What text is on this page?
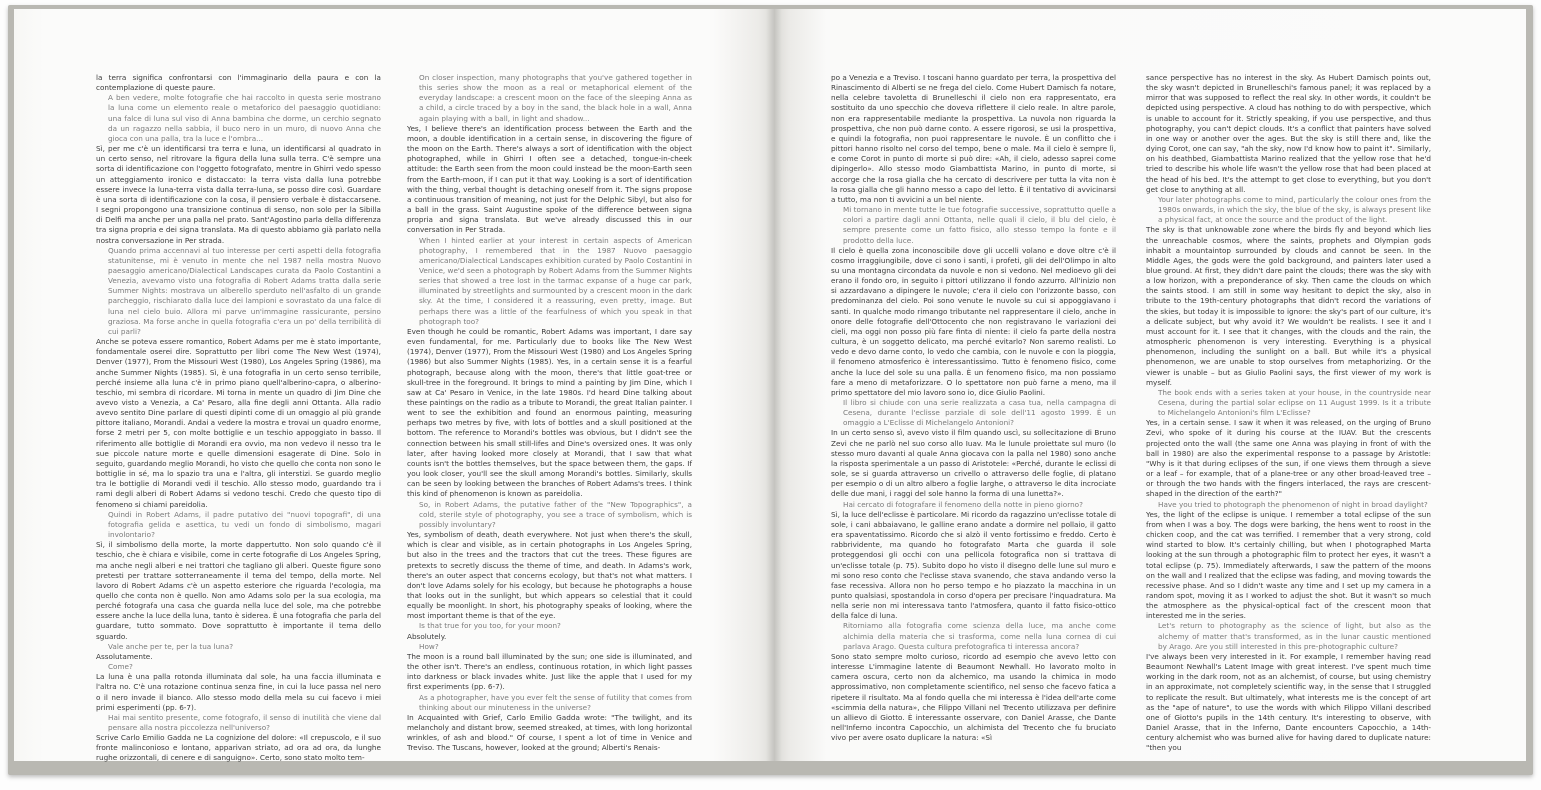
la terra significa confrontarsi con l'immaginario della paura e con la contemplazione di queste paure.

A ben vedere, molte fotografie che hai raccolto in questa serie mostrano la luna come un elemento reale o metaforico del paesaggio quotidiano: una falce di luna sul viso di Anna bambina che dorme, un cerchio segnato da un ragazzo nella sabbia, il buco nero in un muro, di nuovo Anna che gioca con una palla, tra la luce e l'ombra...

Sì, per me c'è un identificarsi tra terra e luna, un identificarsi al quadrato in un certo senso, nel ritrovare la figura della luna sulla terra. C'è sempre una sorta di identificazione con l'oggetto fotografato, mentre in Ghirri vedo spesso un atteggiamento ironico e distaccato: la terra vista dalla luna potrebbe essere invece la luna-terra vista dalla terra-luna, se posso dire così. Guardare è una sorta di identificazione con la cosa, il pensiero verbale è distaccarsene. I segni propongono una transizione continua di senso, non solo per la Sibilla di Delfi ma anche per una palla nel prato. Sant'Agostino parla della differenza tra signa propria e dei signa translata. Ma di questo abbiamo già parlato nella nostra conversazione in Per strada.

Quando prima accennavi al tuo interesse per certi aspetti della fotografia statunitense, mi è venuto in mente che nel 1987 nella mostra Nuovo paesaggio americano/Dialectical Landscapes curata da Paolo Costantini a Venezia, avevamo visto una fotografia di Robert Adams tratta dalla serie Summer Nights: mostrava un alberello sperduto nell'asfalto di un grande parcheggio, rischiarato dalla luce dei lampioni e sovrastato da una falce di luna nel cielo buio. Allora mi parve un'immagine rassicurante, persino graziosa. Ma forse anche in quella fotografia c'era un po' della terribilità di cui parli?

Anche se poteva essere romantico, Robert Adams per me è stato importante, fondamentale oserei dire. Soprattutto per libri come The New West (1974), Denver (1977), From the Missouri West (1980), Los Angeles Spring (1986), ma anche Summer Nights (1985). Sì, è una fotografia in un certo senso terribile, perché insieme alla luna c'è in primo piano quell'alberino-capra, o alberino-teschio, mi sembra di ricordare. Mi torna in mente un quadro di Jim Dine che avevo visto a Venezia, a Ca' Pesaro, alla fine degli anni Ottanta. Alla radio avevo sentito Dine parlare di questi dipinti come di un omaggio al più grande pittore italiano, Morandi. Andai a vedere la mostra e trovai un quadro enorme, forse 2 metri per 5, con molte bottiglie e un teschio appoggiato in basso. Il riferimento alle bottiglie di Morandi era ovvio, ma non vedevo il nesso tra le sue piccole nature morte e quelle dimensioni esagerate di Dine. Solo in seguito, guardando meglio Morandi, ho visto che quello che conta non sono le bottiglie in sé, ma lo spazio tra una e l'altra, gli interstizi. Se guardo meglio tra le bottiglie di Morandi vedi il teschio. Allo stesso modo, guardando tra i rami degli alberi di Robert Adams si vedono teschi. Credo che questo tipo di fenomeno si chiami pareidolia.

Quindi in Robert Adams, il padre putativo dei "nuovi topografi", di una fotografia gelida e asettica, tu vedi un fondo di simbolismo, magari involontario?

Sì, il simbolismo della morte, la morte dappertutto. Non solo quando c'è il teschio, che è chiara e visibile, come in certe fotografie di Los Angeles Spring, ma anche negli alberi e nei trattori che tagliano gli alberi. Queste figure sono pretesti per trattare sotterraneamente il tema del tempo, della morte. Nel lavoro di Robert Adams c'è un aspetto esteriore che riguarda l'ecologia, ma quello che conta non è quello. Non amo Adams solo per la sua ecologia, ma perché fotografa una casa che guarda nella luce del sole, ma che potrebbe essere anche la luce della luna, tanto è siderea. È una fotografia che parla del guardare, tutto sommato. Dove soprattutto è importante il tema dello sguardo.

Vale anche per te, per la tua luna?

Assolutamente.

Come?

La luna è una palla rotonda illuminata dal sole, ha una faccia illuminata e l'altra no. C'è una rotazione continua senza fine, in cui la luce passa nel nero o il nero invade il bianco. Allo stesso modo della mela su cui facevo i miei primi esperimenti (pp. 6-7).

Hai mai sentito presente, come fotografo, il senso di inutilità che viene dal pensare alla nostra piccolezza nell'universo?

Scrive Carlo Emilio Gadda ne La cognizione del dolore: «Il crepuscolo, e il suo fronte malinconioso e lontano, apparivan striato, ad ora ad ora, da lunghe rughe orizzontali, di cenere e di sanguigno». Certo, sono stato molto tem-

On closer inspection, many photographs that you've gathered together in this series show the moon as a real or metaphorical element of the everyday landscape: a crescent moon on the face of the sleeping Anna as a child, a circle traced by a boy in the sand, the black hole in a wall, Anna again playing with a ball, in light and shadow...

Yes, I believe there's an identification process between the Earth and the moon, a double identification in a certain sense, in discovering the figure of the moon on the Earth. There's always a sort of identification with the object photographed, while in Ghirri I often see a detached, tongue-in-cheek attitude: the Earth seen from the moon could instead be the moon-Earth seen from the Earth-moon, if I can put it that way. Looking is a sort of identification with the thing, verbal thought is detaching oneself from it. The signs propose a continuous transition of meaning, not just for the Delphic Sibyl, but also for a ball in the grass. Saint Augustine spoke of the difference between signa propria and signa translata. But we've already discussed this in our conversation in Per Strada.

When I hinted earlier at your interest in certain aspects of American photography, I remembered that in the 1987 Nuovo paesaggio americano/Dialectical Landscapes exhibition curated by Paolo Costantini in Venice, we'd seen a photograph by Robert Adams from the Summer Nights series that showed a tree lost in the tarmac expanse of a huge car park, illuminated by streetlights and surmounted by a crescent moon in the dark sky. At the time, I considered it a reassuring, even pretty, image. But perhaps there was a little of the fearfulness of which you speak in that photograph too?

Even though he could be romantic, Robert Adams was important, I dare say even fundamental, for me. Particularly due to books like The New West (1974), Denver (1977), From the Missouri West (1980) and Los Angeles Spring (1986) but also Summer Nights (1985). Yes, in a certain sense it is a fearful photograph, because along with the moon, there's that little goat-tree or skull-tree in the foreground. It brings to mind a painting by Jim Dine, which I saw at Ca' Pesaro in Venice, in the late 1980s. I'd heard Dine talking about these paintings on the radio as a tribute to Morandi, the great Italian painter. I went to see the exhibition and found an enormous painting, measuring perhaps two metres by five, with lots of bottles and a skull positioned at the bottom. The reference to Morandi's bottles was obvious, but I didn't see the connection between his small still-lifes and Dine's oversized ones. It was only later, after having looked more closely at Morandi, that I saw that what counts isn't the bottles themselves, but the space between them, the gaps. If you look closer, you'll see the skull among Morandi's bottles. Similarly, skulls can be seen by looking between the branches of Robert Adams's trees. I think this kind of phenomenon is known as pareidolia.

So, in Robert Adams, the putative father of the "New Topographics", a cold, sterile style of photography, you see a trace of symbolism, which is possibly involuntary?

Yes, symbolism of death, death everywhere. Not just when there's the skull, which is clear and visible, as in certain photographs in Los Angeles Spring, but also in the trees and the tractors that cut the trees. These figures are pretexts to secretly discuss the theme of time, and death. In Adams's work, there's an outer aspect that concerns ecology, but that's not what matters. I don't love Adams solely for his ecology, but because he photographs a house that looks out in the sunlight, but which appears so celestial that it could equally be moonlight. In short, his photography speaks of looking, where the most important theme is that of the eye.

Is that true for you too, for your moon?

Absolutely.

How?

The moon is a round ball illuminated by the sun; one side is illuminated, and the other isn't. There's an endless, continuous rotation, in which light passes into darkness or black invades white. Just like the apple that I used for my first experiments (pp. 6-7).

As a photographer, have you ever felt the sense of futility that comes from thinking about our minuteness in the universe?

In Acquainted with Grief, Carlo Emilio Gadda wrote: "The twilight, and its melancholy and distant brow, seemed streaked, at times, with long horizontal wrinkles, of ash and blood." Of course, I spent a lot of time in Venice and Treviso. The Tuscans, however, looked at the ground; Alberti's Renais-

po a Venezia e a Treviso. I toscani hanno guardato per terra, la prospettiva del Rinascimento di Alberti se ne frega del cielo. Come Hubert Damisch fa notare, nella celebre tavoletta di Brunelleschi il cielo non era rappresentato, era sostituito da uno specchio che doveva riflettere il cielo reale. In altre parole, non era rappresentabile mediante la prospettiva. La nuvola non riguarda la prospettiva, che non può darne conto. A essere rigorosi, se usi la prospettiva, e quindi la fotografia, non puoi rappresentare le nuvole. È un conflitto che i pittori hanno risolto nel corso del tempo, bene o male. Ma il cielo è sempre lì, e come Corot in punto di morte si può dire: «Ah, il cielo, adesso saprei come dipingerlo». Allo stesso modo Giambattista Marino, in punto di morte, si accorge che la rosa gialla che ha cercato di descrivere per tutta la vita non è la rosa gialla che gli hanno messo a capo del letto. È il tentativo di avvicinarsi a tutto, ma non ti avvicini a un bel niente.

Mi tornano in mente tutte le tue fotografie successive, soprattutto quelle a colori a partire dagli anni Ottanta, nelle quali il cielo, il blu del cielo, è sempre presente come un fatto fisico, allo stesso tempo la fonte e il prodotto della luce.

Il cielo è quella zona inconoscibile dove gli uccelli volano e dove oltre c'è il cosmo irraggiungibile, dove ci sono i santi, i profeti, gli dei dell'Olimpo in alto su una montagna circondata da nuvole e non si vedono. Nel medioevo gli dei erano il fondo oro, in seguito i pittori utilizzano il fondo azzurro. All'inizio non si azzardavano a dipingere le nuvole; c'era il cielo con l'orizzonte basso, con predominanza del cielo. Poi sono venute le nuvole su cui si appoggiavano i santi. In qualche modo rimango tributante nel rappresentare il cielo, anche in onore delle fotografie dell'Ottocento che non registravano le variazioni dei cieli, ma oggi non posso più fare finta di niente: il cielo fa parte della nostra cultura, è un soggetto delicato, ma perché evitarlo? Non saremo realisti. Lo vedo e devo darne conto, lo vedo che cambia, con le nuvole e con la pioggia, il fenomeno atmosferico è interessantissimo. Tutto è fenomeno fisico, come anche la luce del sole su una palla. È un fenomeno fisico, ma non possiamo fare a meno di metaforizzare. O lo spettatore non può farne a meno, ma il primo spettatore del mio lavoro sono io, dice Giulio Paolini.

Il libro si chiude con una serie realizzata a casa tua, nella campagna di Cesena, durante l'eclisse parziale di sole dell'11 agosto 1999. È un omaggio a L'Eclisse di Michelangelo Antonioni?

In un certo senso sì, avevo visto il film quando uscì, su sollecitazione di Bruno Zevi che ne parlò nel suo corso allo Iuav. Ma le lunule proiettate sul muro (lo stesso muro davanti al quale Anna giocava con la palla nel 1980) sono anche la risposta sperimentale a un passo di Aristotele: «Perché, durante le eclissi di sole, se si guarda attraverso un crivello o attraverso delle foglie, di platano per esempio o di un altro albero a foglie larghe, o attraverso le dita incrociate delle due mani, i raggi del sole hanno la forma di una lunetta?».

Hai cercato di fotografare il fenomeno della notte in pieno giorno?

Sì, la luce dell'eclisse è particolare. Mi ricordo da ragazzino un'eclisse totale di sole, i cani abbaiavano, le galline erano andate a dormire nel pollaio, il gatto era spaventatissimo. Ricordo che si alzò il vento fortissimo e freddo. Certo è rabbrividente, ma quando ho fotografato Marta che guarda il sole proteggendosi gli occhi con una pellicola fotografica non si trattava di un'eclisse totale (p. 75). Subito dopo ho visto il disegno delle lune sul muro e mi sono reso conto che l'eclisse stava svanendo, che stava andando verso la fase recessiva. Allora non ho perso tempo e ho piazzato la macchina in un punto qualsiasi, spostandola in corso d'opera per precisare l'inquadratura. Ma nella serie non mi interessava tanto l'atmosfera, quanto il fatto fisico-ottico della falce di luna.

Ritorniamo alla fotografia come scienza della luce, ma anche come alchimia della materia che si trasforma, come nella luna cornea di cui parlava Arago. Questa cultura prefotografica ti interessa ancora?

Sono stato sempre molto curioso, ricordo ad esempio che avevo letto con interesse L'immagine latente di Beaumont Newhall. Ho lavorato molto in camera oscura, certo non da alchemico, ma usando la chimica in modo approssimativo, non completamente scientifico, nel senso che facevo fatica a ripetere il risultato. Ma al fondo quella che mi interessa è l'idea dell'arte come «scimmia della natura», che Filippo Villani nel Trecento utilizzava per definire un allievo di Giotto. È interessante osservare, con Daniel Arasse, che Dante nell'Inferno incontra Capocchio, un alchimista del Trecento che fu bruciato vivo per avere osato duplicare la natura: «Sì

sance perspective has no interest in the sky. As Hubert Damisch points out, the sky wasn't depicted in Brunelleschi's famous panel; it was replaced by a mirror that was supposed to reflect the real sky. In other words, it couldn't be depicted using perspective. A cloud has nothing to do with perspective, which is unable to account for it. Strictly speaking, if you use perspective, and thus photography, you can't depict clouds. It's a conflict that painters have solved in one way or another over the ages. But the sky is still there and, like the dying Corot, one can say, "ah the sky, now I'd know how to paint it". Similarly, on his deathbed, Giambattista Marino realized that the yellow rose that he'd tried to describe his whole life wasn't the yellow rose that had been placed at the head of his bed. It's the attempt to get close to everything, but you don't get close to anything at all.

Your later photographs come to mind, particularly the colour ones from the 1980s onwards, in which the sky, the blue of the sky, is always present like a physical fact, at once the source and the product of the light.

The sky is that unknowable zone where the birds fly and beyond which lies the unreachable cosmos, where the saints, prophets and Olympian gods inhabit a mountaintop surrounded by clouds and cannot be seen. In the Middle Ages, the gods were the gold background, and painters later used a blue ground. At first, they didn't dare paint the clouds; there was the sky with a low horizon, with a preponderance of sky. Then came the clouds on which the saints stood. I am still in some way hesitant to depict the sky, also in tribute to the 19th-century photographs that didn't record the variations of the skies, but today it is impossible to ignore: the sky's part of our culture, it's a delicate subject, but why avoid it? We wouldn't be realists. I see it and I must account for it. I see that it changes, with the clouds and the rain, the atmospheric phenomenon is very interesting. Everything is a physical phenomenon, including the sunlight on a ball. But while it's a physical phenomenon, we are unable to stop ourselves from metaphorizing. Or the viewer is unable – but as Giulio Paolini says, the first viewer of my work is myself.

The book ends with a series taken at your house, in the countryside near Cesena, during the partial solar eclipse on 11 August 1999. Is it a tribute to Michelangelo Antonioni's film L'Eclisse?

Yes, in a certain sense. I saw it when it was released, on the urging of Bruno Zevi, who spoke of it during his course at the IUAV. But the crescents projected onto the wall (the same one Anna was playing in front of with the ball in 1980) are also the experimental response to a passage by Aristotle: "Why is it that during eclipses of the sun, if one views them through a sieve or a leaf – for example, that of a plane-tree or any other broad-leaved tree – or through the two hands with the fingers interlaced, the rays are crescent-shaped in the direction of the earth?"

Have you tried to photograph the phenomenon of night in broad daylight?

Yes, the light of the eclipse is unique. I remember a total eclipse of the sun from when I was a boy. The dogs were barking, the hens went to roost in the chicken coop, and the cat was terrified. I remember that a very strong, cold wind started to blow. It's certainly chilling, but when I photographed Marta looking at the sun through a photographic film to protect her eyes, it wasn't a total eclipse (p. 75). Immediately afterwards, I saw the pattern of the moons on the wall and I realized that the eclipse was fading, and moving towards the recessive phase. And so I didn't waste any time and I set up my camera in a random spot, moving it as I worked to adjust the shot. But it wasn't so much the atmosphere as the physical-optical fact of the crescent moon that interested me in the series.

Let's return to photography as the science of light, but also as the alchemy of matter that's transformed, as in the lunar caustic mentioned by Arago. Are you still interested in this pre-photographic culture?

I've always been very interested in it. For example, I remember having read Beaumont Newhall's Latent Image with great interest. I've spent much time working in the dark room, not as an alchemist, of course, but using chemistry in an approximate, not completely scientific way, in the sense that I struggled to replicate the result. But ultimately, what interests me is the concept of art as the "ape of nature", to use the words with which Filippo Villani described one of Giotto's pupils in the 14th century. It's interesting to observe, with Daniel Arasse, that in the Inferno, Dante encounters Capocchio, a 14th-century alchemist who was burned alive for having dared to duplicate nature: "then you
